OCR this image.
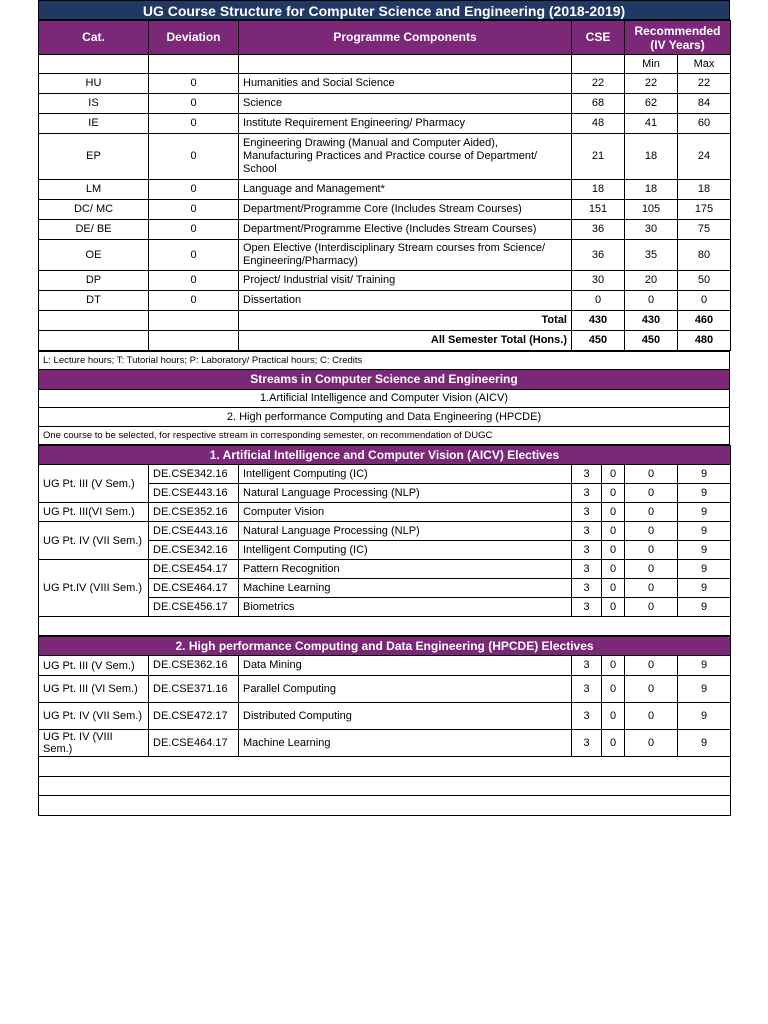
UG Course Structure for Computer Science and Engineering (2018-2019)
Cat.	Deviation	Programme Components	CSE	Recommended (IV Years)	
				Min	Max
HU	0	Humanities and Social Science	22	22	22
IS	0	Science	68	62	84
IE	0	Institute Requirement Engineering/ Pharmacy	48	41	60
EP	0	Engineering Drawing (Manual and Computer Aided), Manufacturing Practices and Practice course of Department/ School	21	18	24
LM	0	Language and Management*	18	18	18
DC/ MC	0	Department/Programme Core (Includes Stream Courses)	151	105	175
DE/ BE	0	Department/Programme Elective (Includes Stream Courses)	36	30	75
OE	0	Open Elective (Interdisciplinary Stream courses from Science/ Engineering/Pharmacy)	36	35	80
DP	0	Project/ Industrial visit/ Training	30	20	50
DT	0	Dissertation	0	0	0
		Total	430	430	460
		All Semester Total (Hons.)	450	450	480
L: Lecture hours; T: Tutorial hours; P: Laboratory/ Practical hours; C: Credits
Streams in Computer Science and Engineering
1.Artificial Intelligence and Computer Vision (AICV)
2. High performance Computing and Data Engineering (HPCDE)
One course to be selected, for respective stream in corresponding semester, on recommendation of DUGC
1. Artificial Intelligence and Computer Vision (AICV) Electives						
UG Pt. III (V Sem.)	DE.CSE342.16	Intelligent Computing (IC)	3	0	0	9
	DE.CSE443.16	Natural Language Processing (NLP)	3	0	0	9
UG Pt. III(VI Sem.)	DE.CSE352.16	Computer Vision	3	0	0	9
UG Pt. IV (VII Sem.)	DE.CSE443.16	Natural Language Processing (NLP)	3	0	0	9
	DE.CSE342.16	Intelligent Computing (IC)	3	0	0	9
UG Pt.IV (VIII Sem.)	DE.CSE454.17	Pattern Recognition	3	0	0	9
	DE.CSE464.17	Machine Learning	3	0	0	9
	DE.CSE456.17	Biometrics	3	0	0	9

2. High performance Computing and Data Engineering (HPCDE) Electives						
UG Pt. III (V Sem.)	DE.CSE362.16	Data Mining	3	0	0	9
UG Pt. III (VI Sem.)	DE.CSE371.16	Parallel Computing	3	0	0	9
UG Pt. IV (VII Sem.)	DE.CSE472.17	Distributed Computing	3	0	0	9
UG Pt. IV (VIII Sem.)	DE.CSE464.17	Machine Learning	3	0	0	9
